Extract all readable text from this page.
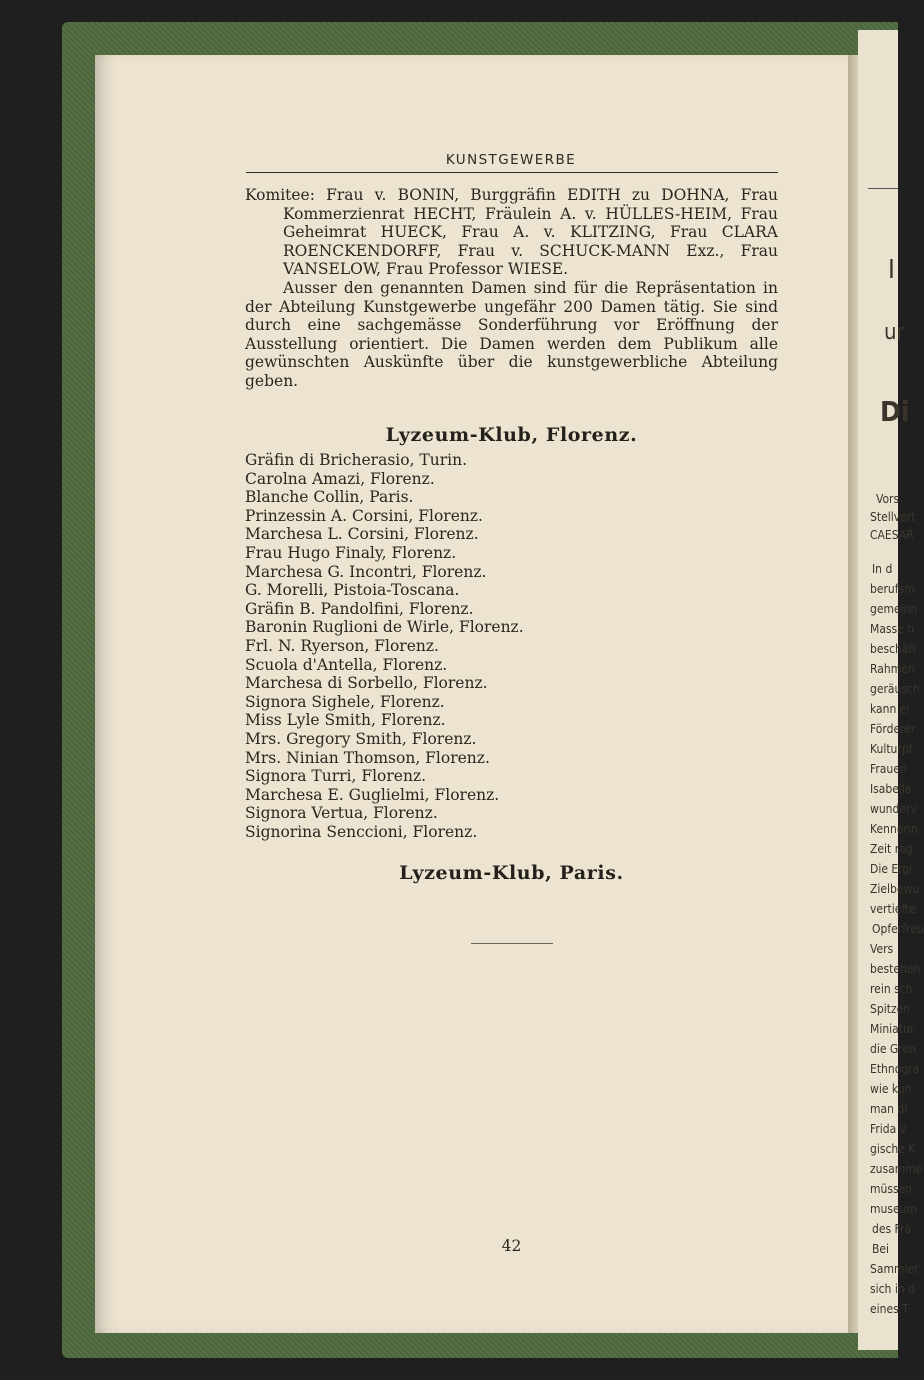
I
ur
Di
Vors
Stellvert
CAESAR
In d
berufsm
gemeinn
Masse h
beschäft
Rahmen
geräusch
kann ei
Förderer
Kulturpf
Frauen
Isabella
wunderv
Kennerin
Zeit rag
Die Ergi
Zielbewu
vertiefte
Opferfreu
Vers
bestehen
rein sch
Spitzen
Miniatur
die Gren
Ethnogra
wie kun
man di
Frida v
gische K
zusamme
müssen
museum
des Frä
Bei
Sammler
sich in d
eines T
KUNSTGEWERBE

Komitee: Frau v. BONIN, Burggräfin EDITH zu DOHNA, Frau Kommerzienrat HECHT, Fräulein A. v. HÜLLES-HEIM, Frau Geheimrat HUECK, Frau A. v. KLITZING, Frau CLARA ROENCKENDORFF, Frau v. SCHUCK-MANN Exz., Frau VANSELOW, Frau Professor WIESE.

Ausser den genannten Damen sind für die Repräsentation in der Abteilung Kunstgewerbe ungefähr 200 Damen tätig. Sie sind durch eine sachgemässe Sonderführung vor Eröffnung der Ausstellung orientiert. Die Damen werden dem Publikum alle gewünschten Auskünfte über die kunstgewerbliche Abteilung geben.

Lyzeum-Klub, Florenz.
Gräfin di Bricherasio, Turin.
Carolna Amazi, Florenz.
Blanche Collin, Paris.
Prinzessin A. Corsini, Florenz.
Marchesa L. Corsini, Florenz.
Frau Hugo Finaly, Florenz.
Marchesa G. Incontri, Florenz.
G. Morelli, Pistoia-Toscana.
Gräfin B. Pandolfini, Florenz.
Baronin Ruglioni de Wirle, Florenz.
Frl. N. Ryerson, Florenz.
Scuola d'Antella, Florenz.
Marchesa di Sorbello, Florenz.
Signora Sighele, Florenz.
Miss Lyle Smith, Florenz.
Mrs. Gregory Smith, Florenz.
Mrs. Ninian Thomson, Florenz.
Signora Turri, Florenz.
Marchesa E. Guglielmi, Florenz.
Signora Vertua, Florenz.
Signorina Senccioni, Florenz.
Lyzeum-Klub, Paris.
42
